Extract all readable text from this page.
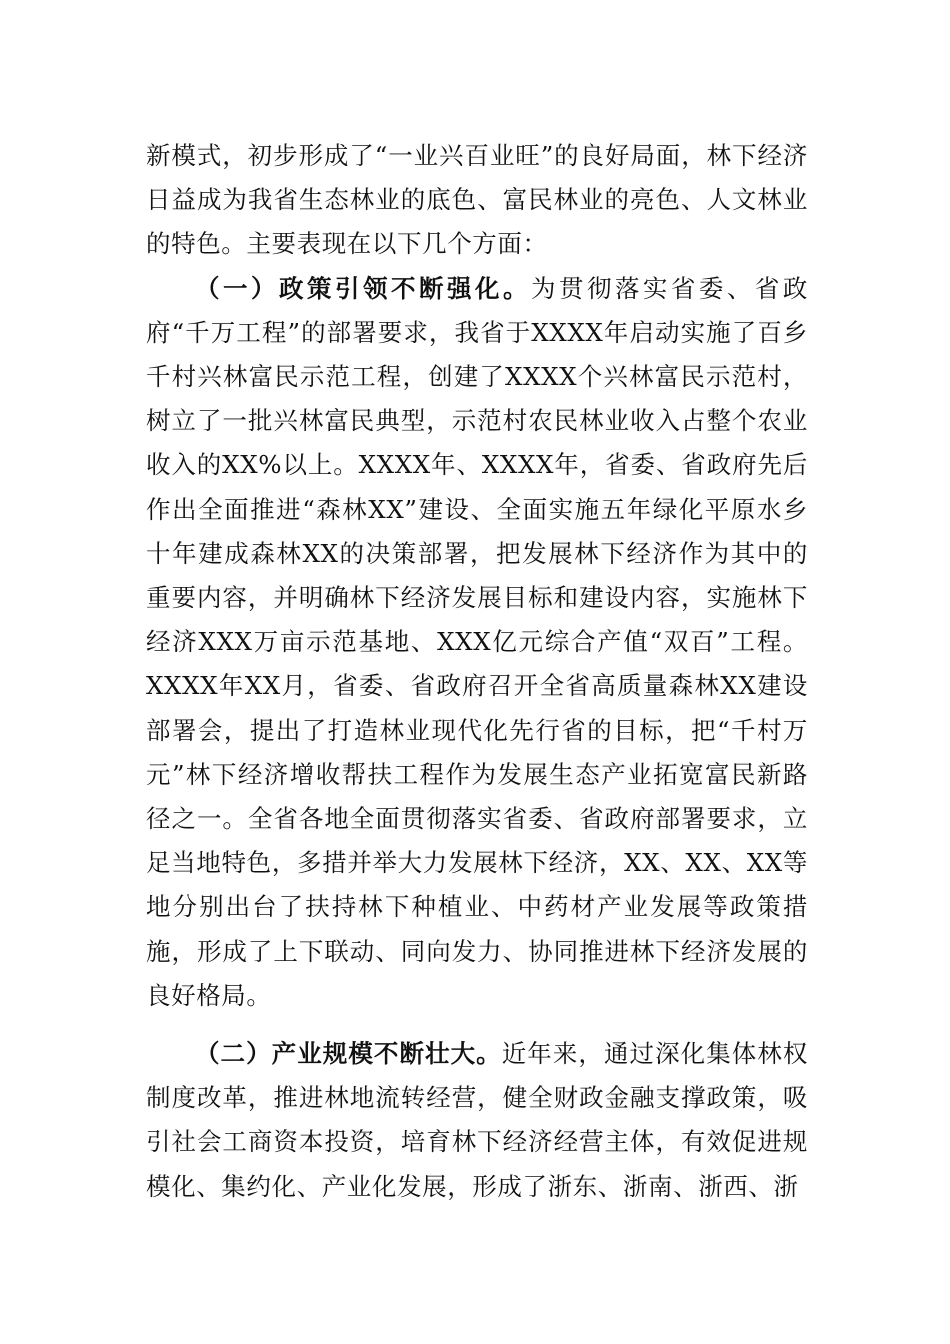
新模式，初步形成了“一业兴百业旺”的良好局面，林下经济日益成为我省生态林业的底色、富民林业的亮色、人文林业的特色。主要表现在以下几个方面：

（一）政策引领不断强化。为贯彻落实省委、省政府“千万工程”的部署要求，我省于XXXX年启动实施了百乡千村兴林富民示范工程，创建了XXXX个兴林富民示范村，树立了一批兴林富民典型，示范村农民林业收入占整个农业收入的XX%以上。XXXX年、XXXX年，省委、省政府先后作出全面推进“森林XX”建设、全面实施五年绿化平原水乡十年建成森林XX的决策部署，把发展林下经济作为其中的重要内容，并明确林下经济发展目标和建设内容，实施林下经济XXX万亩示范基地、XXX亿元综合产值“双百”工程。XXXX年XX月，省委、省政府召开全省高质量森林XX建设部署会，提出了打造林业现代化先行省的目标，把“千村万元”林下经济增收帮扶工程作为发展生态产业拓宽富民新路径之一。全省各地全面贯彻落实省委、省政府部署要求，立足当地特色，多措并举大力发展林下经济，XX、XX、XX等地分别出台了扶持林下种植业、中药材产业发展等政策措施，形成了上下联动、同向发力、协同推进林下经济发展的良好格局。

（二）产业规模不断壮大。近年来，通过深化集体林权制度改革，推进林地流转经营，健全财政金融支撑政策，吸引社会工商资本投资，培育林下经济经营主体，有效促进规模化、集约化、产业化发展，形成了浙东、浙南、浙西、浙
